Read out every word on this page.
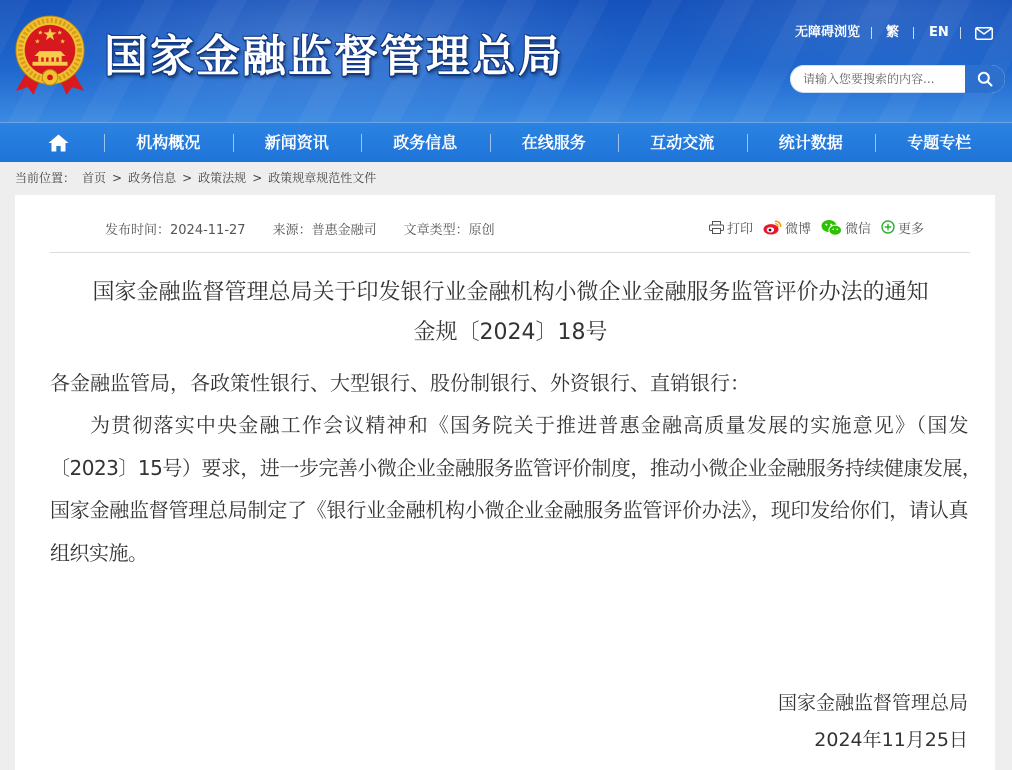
国家金融监督管理总局	无障碍浏览 繁 EN
请输入您要搜索的内容...
机构概况	新闻资讯	政务信息	在线服务	互动交流	统计数据	专题专栏
当前位置： 首页 > 政务信息 > 政策法规 > 政策规章规范性文件
发布时间：2024-11-27 来源：普惠金融司 文章类型：原创	打印 微博	微信 更多
国家金融监督管理总局关于印发银行业金融机构小微企业金融服务监管评价办法的通知
金规〔2024〕18号

各金融监管局，各政策性银行、大型银行、股份制银行、外资银行、直销银行：

为贯彻落实中央金融工作会议精神和《国务院关于推进普惠金融高质量发展的实施意见》（国发
〔2023〕15号）要求，进一步完善小微企业金融服务监管评价制度，推动小微企业金融服务持续健康发展，
国家金融监督管理总局制定了《银行业金融机构小微企业金融服务监管评价办法》，现印发给你们，请认真
组织实施。
国家金融监督管理总局
2024年11月25日
